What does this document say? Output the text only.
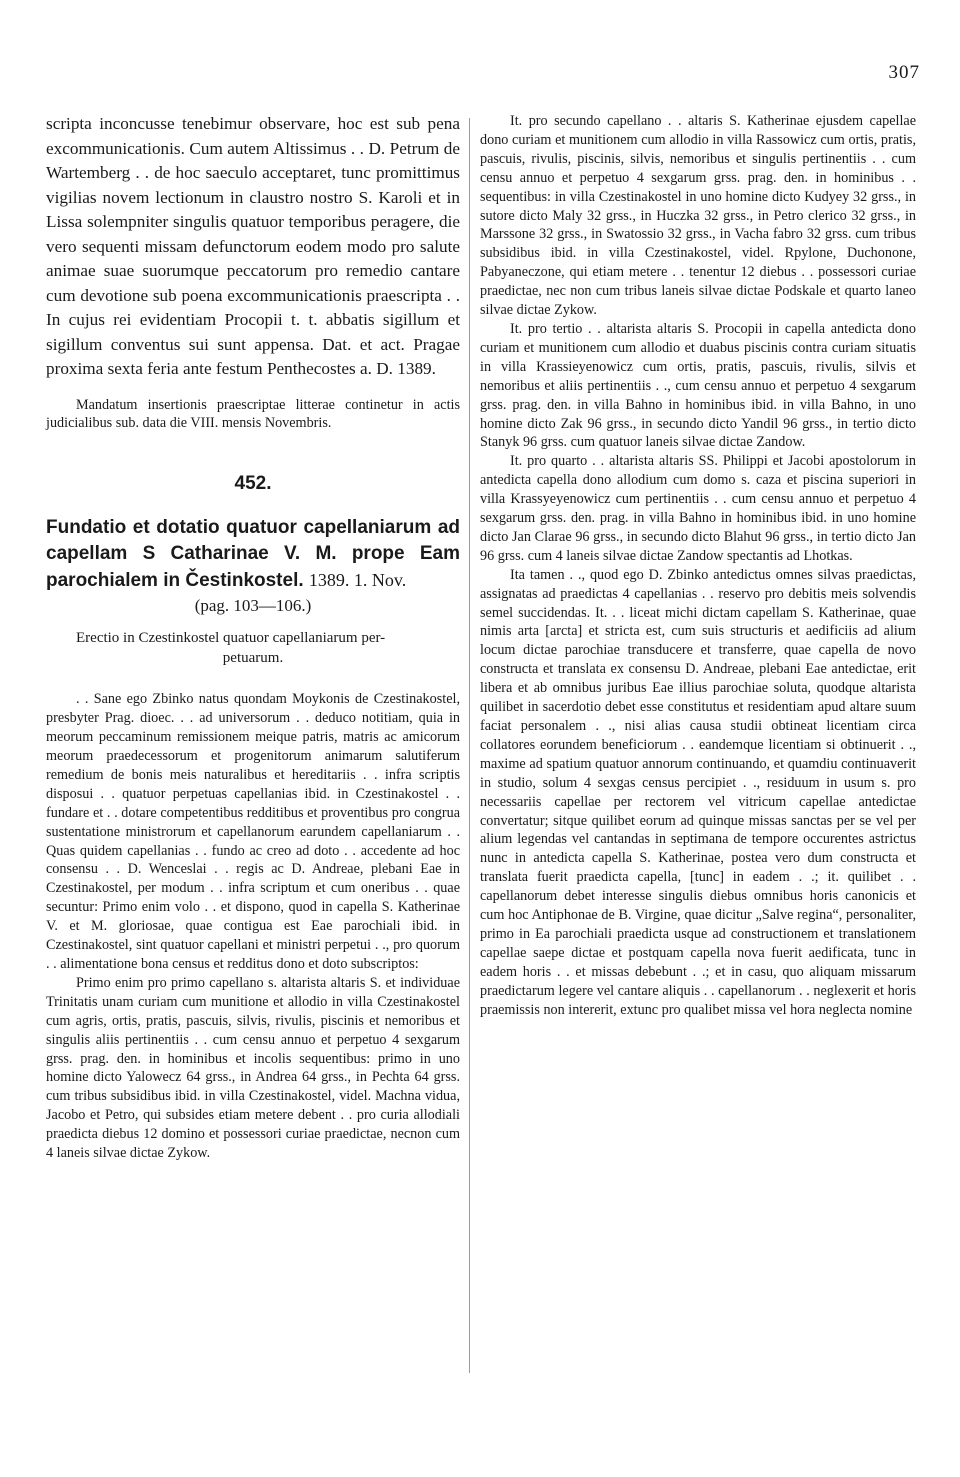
307

scripta inconcusse tenebimur observare, hoc est sub pena excommunicationis. Cum autem Altissimus . . D. Petrum de Wartemberg . . de hoc saeculo acceptaret, tunc promittimus vigilias novem lectionum in claustro nostro S. Karoli et in Lissa solempniter singulis quatuor temporibus peragere, die vero sequenti missam defunctorum eodem modo pro salute animae suae suorumque peccatorum pro remedio cantare cum devotione sub poena excommunicationis praescripta . . In cujus rei evidentiam Procopii t. t. abbatis sigillum et sigillum conventus sui sunt appensa. Dat. et act. Pragae proxima sexta feria ante festum Penthecostes a. D. 1389.

Mandatum insertionis praescriptae litterae continetur in actis judicialibus sub. data die VIII. mensis Novembris.

452.

Fundatio et dotatio quatuor capellaniarum ad capellam S Catharinae V. M. prope Eam parochialem in Čestinkostel. 1389. 1. Nov.

(pag. 103—106.)

Erectio in Czestinkostel quatuor capellaniarum per-
petuarum.

. . Sane ego Zbinko natus quondam Moykonis de Czestinakostel, presbyter Prag. dioec. . . ad universorum . . deduco notitiam, quia in meorum peccaminum remissionem meique patris, matris ac amicorum meorum praedecessorum et progenitorum animarum salutiferum remedium de bonis meis naturalibus et hereditariis . . infra scriptis disposui . . quatuor perpetuas capellanias ibid. in Czestinakostel . . fundare et . . dotare competentibus redditibus et proventibus pro congrua sustentatione ministrorum et capellanorum earundem capellaniarum . . Quas quidem capellanias . . fundo ac creo ad doto . . accedente ad hoc consensu . . D. Wenceslai . . regis ac D. Andreae, plebani Eae in Czestinakostel, per modum . . infra scriptum et cum oneribus . . quae secuntur: Primo enim volo . . et dispono, quod in capella S. Katherinae V. et M. gloriosae, quae contigua est Eae parochiali ibid. in Czestinakostel, sint quatuor capellani et ministri perpetui . ., pro quorum . . alimentatione bona census et redditus dono et doto subscriptos:

Primo enim pro primo capellano s. altarista altaris S. et individuae Trinitatis unam curiam cum munitione et allodio in villa Czestinakostel cum agris, ortis, pratis, pascuis, silvis, rivulis, piscinis et nemoribus et singulis aliis pertinentiis . . cum censu annuo et perpetuo 4 sexgarum grss. prag. den. in hominibus et incolis sequentibus: primo in uno homine dicto Yalowecz 64 grss., in Andrea 64 grss., in Pechta 64 grss. cum tribus subsidibus ibid. in villa Czestinakostel, videl. Machna vidua, Jacobo et Petro, qui subsides etiam metere debent . . pro curia allodiali praedicta diebus 12 domino et possessori curiae praedictae, necnon cum 4 laneis silvae dictae Zykow.

It. pro secundo capellano . . altaris S. Katherinae ejusdem capellae dono curiam et munitionem cum allodio in villa Rassowicz cum ortis, pratis, pascuis, rivulis, piscinis, silvis, nemoribus et singulis pertinentiis . . cum censu annuo et perpetuo 4 sexgarum grss. prag. den. in hominibus . . sequentibus: in villa Czestinakostel in uno homine dicto Kudyey 32 grss., in sutore dicto Maly 32 grss., in Huczka 32 grss., in Petro clerico 32 grss., in Marssone 32 grss., in Swatossio 32 grss., in Vacha fabro 32 grss. cum tribus subsidibus ibid. in villa Czestinakostel, videl. Rpylone, Duchonone, Pabyaneczone, qui etiam metere . . tenentur 12 diebus . . possessori curiae praedictae, nec non cum tribus laneis silvae dictae Podskale et quarto laneo silvae dictae Zykow.

It. pro tertio . . altarista altaris S. Procopii in capella antedicta dono curiam et munitionem cum allodio et duabus piscinis contra curiam situatis in villa Krassieyenowicz cum ortis, pratis, pascuis, rivulis, silvis et nemoribus et aliis pertinentiis . ., cum censu annuo et perpetuo 4 sexgarum grss. prag. den. in villa Bahno in hominibus ibid. in villa Bahno, in uno homine dicto Zak 96 grss., in secundo dicto Yandil 96 grss., in tertio dicto Stanyk 96 grss. cum quatuor laneis silvae dictae Zandow.

It. pro quarto . . altarista altaris SS. Philippi et Jacobi apostolorum in antedicta capella dono allodium cum domo s. caza et piscina superiori in villa Krassyeyenowicz cum pertinentiis . . cum censu annuo et perpetuo 4 sexgarum grss. den. prag. in villa Bahno in hominibus ibid. in uno homine dicto Jan Clarae 96 grss., in secundo dicto Blahut 96 grss., in tertio dicto Jan 96 grss. cum 4 laneis silvae dictae Zandow spectantis ad Lhotkas.

Ita tamen . ., quod ego D. Zbinko antedictus omnes silvas praedictas, assignatas ad praedictas 4 capellanias . . reservo pro debitis meis solvendis semel succidendas. It. . . liceat michi dictam capellam S. Katherinae, quae nimis arta [arcta] et stricta est, cum suis structuris et aedificiis ad alium locum dictae parochiae transducere et transferre, quae capella de novo constructa et translata ex consensu D. Andreae, plebani Eae antedictae, erit libera et ab omnibus juribus Eae illius parochiae soluta, quodque altarista quilibet in sacerdotio debet esse constitutus et residentiam apud altare suum faciat personalem . ., nisi alias causa studii obtineat licentiam circa collatores eorundem beneficiorum . . eandemque licentiam si obtinuerit . ., maxime ad spatium quatuor annorum continuando, et quamdiu continuaverit in studio, solum 4 sexgas census percipiet . ., residuum in usum s. pro necessariis capellae per rectorem vel vitricum capellae antedictae convertatur; sitque quilibet eorum ad quinque missas sanctas per se vel per alium legendas vel cantandas in septimana de tempore occurentes astrictus nunc in antedicta capella S. Katherinae, postea vero dum constructa et translata fuerit praedicta capella, [tunc] in eadem . .; it. quilibet . . capellanorum debet interesse singulis diebus omnibus horis canonicis et cum hoc Antiphonae de B. Virgine, quae dicitur „Salve regina“, personaliter, primo in Ea parochiali praedicta usque ad constructionem et translationem capellae saepe dictae et postquam capella nova fuerit aedificata, tunc in eadem horis . . et missas debebunt . .; et in casu, quo aliquam missarum praedictarum legere vel cantare aliquis . . capellanorum . . neglexerit et horis praemissis non intererit, extunc pro qualibet missa vel hora neglecta nomine
